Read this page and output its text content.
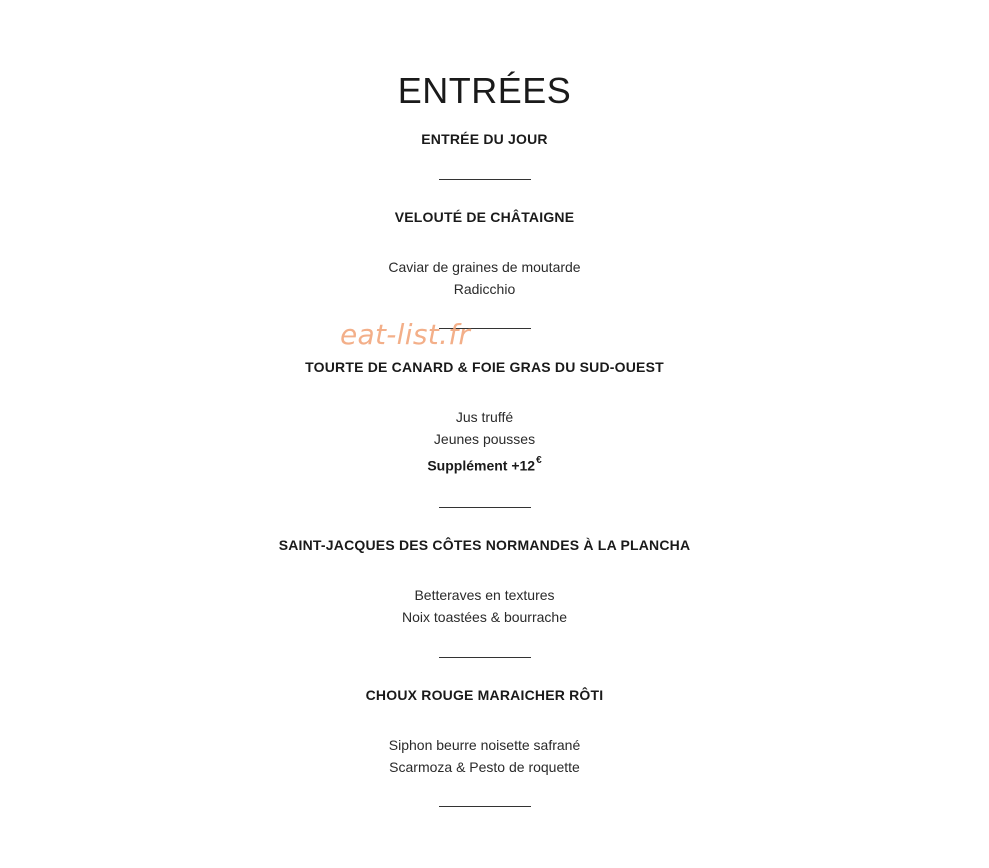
ENTRÉES
ENTRÉE DU JOUR
VELOUTÉ DE CHÂTAIGNE
Caviar de graines de moutarde
Radicchio
eat-list.fr
TOURTE DE CANARD & FOIE GRAS DU SUD-OUEST
Jus truffé
Jeunes pousses
Supplément +12€
SAINT-JACQUES DES CÔTES NORMANDES À LA PLANCHA
Betteraves en textures
Noix toastées & bourrache
CHOUX ROUGE MARAICHER RÔTI
Siphon beurre noisette safrané
Scarmoza & Pesto de roquette
